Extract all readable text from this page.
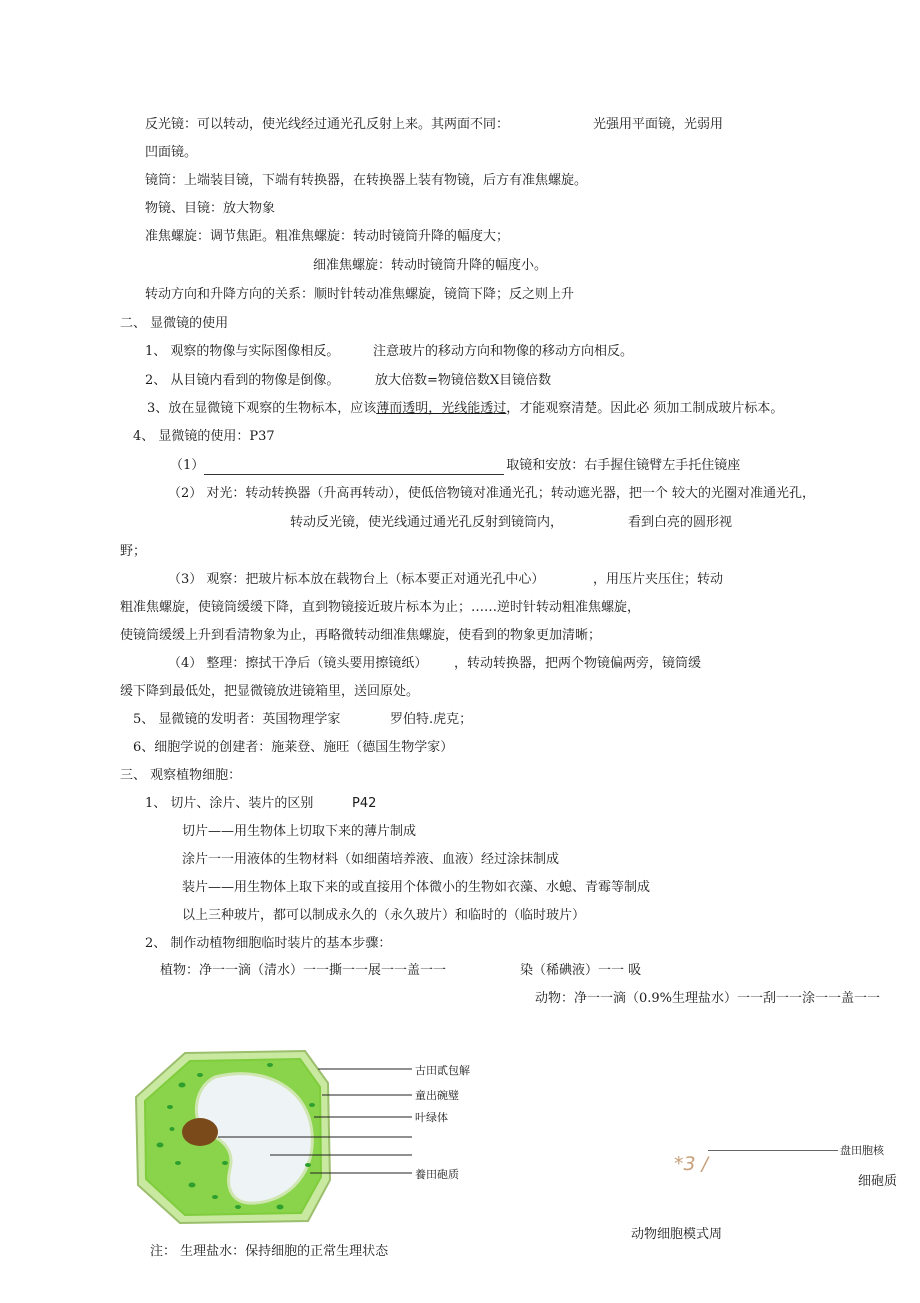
反光镜：可以转动，使光线经过通光孔反射上来。其两面不同：	光强用平面镜，光弱用
凹面镜。
镜筒：上端装目镜，下端有转换器，在转换器上装有物镜，后方有准焦螺旋。
物镜、目镜：放大物象
准焦螺旋：调节焦距。粗准焦螺旋：转动时镜筒升降的幅度大；
细准焦螺旋：转动时镜筒升降的幅度小。
转动方向和升降方向的关系：顺时针转动准焦螺旋，镜筒下降；反之则上升
二、 显微镜的使用
1、 观察的物像与实际图像相反。	注意玻片的移动方向和物像的移动方向相反。
2、 从目镜内看到的物像是倒像。	放大倍数=物镜倍数X目镜倍数
3、放在显微镜下观察的生物标本，应该薄而透明，光线能透过，才能观察清楚。因此必 须加工制成玻片标本。
4、 显微镜的使用：P37
（1）	取镜和安放：右手握住镜臂左手托住镜座
（2） 对光：转动转换器（升高再转动），使低倍物镜对准通光孔；转动遮光器，把一个 较大的光圈对准通光孔，
转动反光镜，使光线通过通光孔反射到镜筒内，	看到白亮的圆形视
野；
（3） 观察：把玻片标本放在载物台上（标本要正对通光孔中心）	，用压片夹压住；转动
粗准焦螺旋，使镜筒缓缓下降，直到物镜接近玻片标本为止；……逆时针转动粗准焦螺旋，
使镜筒缓缓上升到看清物象为止，再略微转动细准焦螺旋，使看到的物象更加清晰；
（4） 整理：擦拭干净后（镜头要用擦镜纸） ，转动转换器，把两个物镜偏两旁，镜筒缓
缓下降到最低处，把显微镜放进镜箱里，送回原处。
5、 显微镜的发明者：英国物理学家	罗伯特.虎克；
6、细胞学说的创建者：施莱登、施旺（德国生物学家）
三、 观察植物细胞：
1、 切片、涂片、装片的区别	P42
切片——用生物体上切取下来的薄片制成
涂片一一用液体的生物材料（如细菌培养液、血液）经过涂抹制成
装片——用生物体上取下来的或直接用个体微小的生物如衣藻、水螅、青霉等制成
以上三种玻片，都可以制成永久的（永久玻片）和临时的（临时玻片）
2、 制作动植物细胞临时装片的基本步骤：
植物：净一一滴（清水）一一撕一一展一一盖一一	染（稀碘液）一一 吸
动物：净一一滴（0.9%生理盐水）一一刮一一涂一一盖一一
古田貳包解
童出碗璧
叶绿体
養田砲质
盘田胞核
*3 /
细砲质
动物细胞模式周
注： 生理盐水：保持细胞的正常生理状态
